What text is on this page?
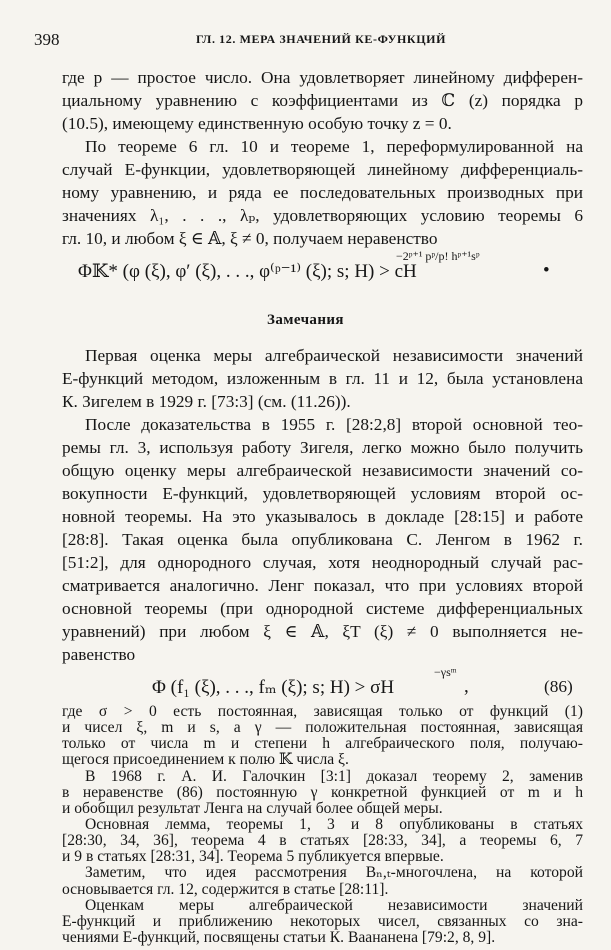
398	ГЛ. 12. МЕРА ЗНАЧЕНИЙ КЕ-ФУНКЦИЙ
где p — простое число. Она удовлетворяет линейному дифферен-
циальному уравнению с коэффициентами из ℂ (z) порядка p
(10.5), имеющему единственную особую точку z = 0.
По теореме 6 гл. 10 и теореме 1, переформулированной на
случай E-функции, удовлетворяющей линейному дифференциаль-
ному уравнению, и ряда ее последовательных производных при
значениях λ₁, . . ., λₚ, удовлетворяющих условию теоремы 6
гл. 10, и любом ξ ∈ 𝔸, ξ ≠ 0, получаем неравенство
Φ𝕂* (φ (ξ), φ′ (ξ), . . ., φ⁽ᵖ⁻¹⁾ (ξ); s; H) > cH
−2ᵖ⁺¹ pᵖ/p! hᵖ⁺¹sᵖ
•
Замечания
Первая оценка меры алгебраической независимости значений
E-функций методом, изложенным в гл. 11 и 12, была установлена
К. Зигелем в 1929 г. [73:3] (см. (11.26)).
После доказательства в 1955 г. [28:2,8] второй основной тео-
ремы гл. 3, используя работу Зигеля, легко можно было получить
общую оценку меры алгебраической независимости значений со-
вокупности E-функций, удовлетворяющей условиям второй ос-
новной теоремы. На это указывалось в докладе [28:15] и работе
[28:8]. Такая оценка была опубликована С. Ленгом в 1962 г.
[51:2], для однородного случая, хотя неоднородный случай рас-
сматривается аналогично. Ленг показал, что при условиях второй
основной теоремы (при однородной системе дифференциальных
уравнений) при любом ξ ∈ 𝔸, ξT (ξ) ≠ 0 выполняется не-
равенство
Φ (f₁ (ξ), . . ., fₘ (ξ); s; H) > σH
−γsᵐ
,	(86)
где σ > 0 есть постоянная, зависящая только от функций (1)
и чисел ξ, m и s, а γ — положительная постоянная, зависящая
только от числа m и степени h алгебраического поля, получаю-
щегося присоединением к полю 𝕂 числа ξ.
В 1968 г. А. И. Галочкин [3:1] доказал теорему 2, заменив
в неравенстве (86) постоянную γ конкретной функцией от m и h
и обобщил результат Ленга на случай более общей меры.
Основная лемма, теоремы 1, 3 и 8 опубликованы в статьях
[28:30, 34, 36], теорема 4 в статьях [28:33, 34], а теоремы 6, 7
и 9 в статьях [28:31, 34]. Теорема 5 публикуется впервые.
Заметим, что идея рассмотрения Bₙ,ₜ-многочлена, на которой
основывается гл. 12, содержится в статье [28:11].
Оценкам меры алгебраической независимости значений
E-функций и приближению некоторых чисел, связанных со зна-
чениями E-функций, посвящены статьи К. Ваананена [79:2, 8, 9].
